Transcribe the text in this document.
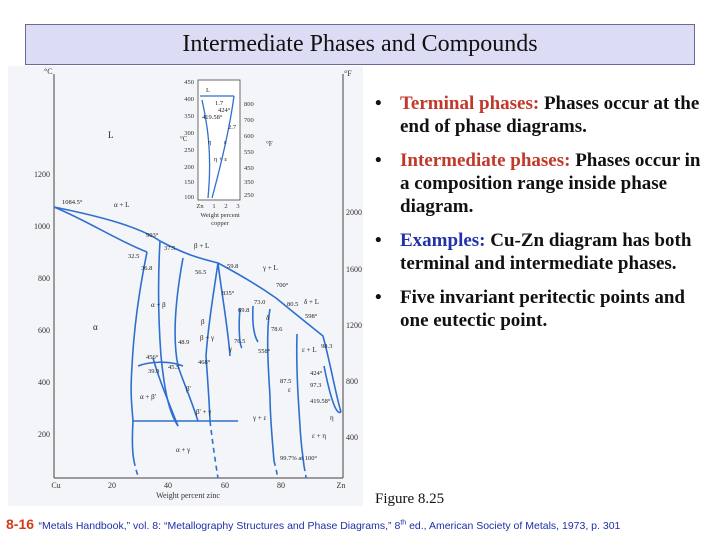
Intermediate Phases and Compounds
°C	°F
1200
1000
800
600
400
200
2000
1600
1200
800
400
Cu	20	40	60	80	Zn
Weight percent zinc
L
α + L
β + L
γ + L
δ + L
α
α + β
β
β + γ
γ
δ
ε
ε + L
η
ε + η
α + β'
β'
β' + γ
γ + ε
α + γ
1084.5°
903°
37.5
32.5
36.8
56.5
59.8
835°
700°
73.0	80.5
598°
69.8
78.6
76.5
558°
98.3
424°
97.3
419.58°
87.5
456°
39.0
45.5
48.9
468°
99.7% at 100°
°C
°F
450
400
350
300
250
200
150
100
800
700
600
550
450
350
250
Zn 1 2 3
Weight percent
copper
L
1.7
424°
419.58°
2.7
η ε
η + ε
• Terminal phases: Phases occur at the end of phase diagrams.
• Intermediate phases: Phases occur in a composition range inside phase diagram.
• Examples: Cu-Zn diagram has both terminal and intermediate phases.
• Five invariant peritectic points and one eutectic point.
Figure 8.25
8-16 “Metals Handbook,” vol. 8: “Metallography Structures and Phase Diagrams,” 8th ed., American Society of Metals, 1973, p. 301
